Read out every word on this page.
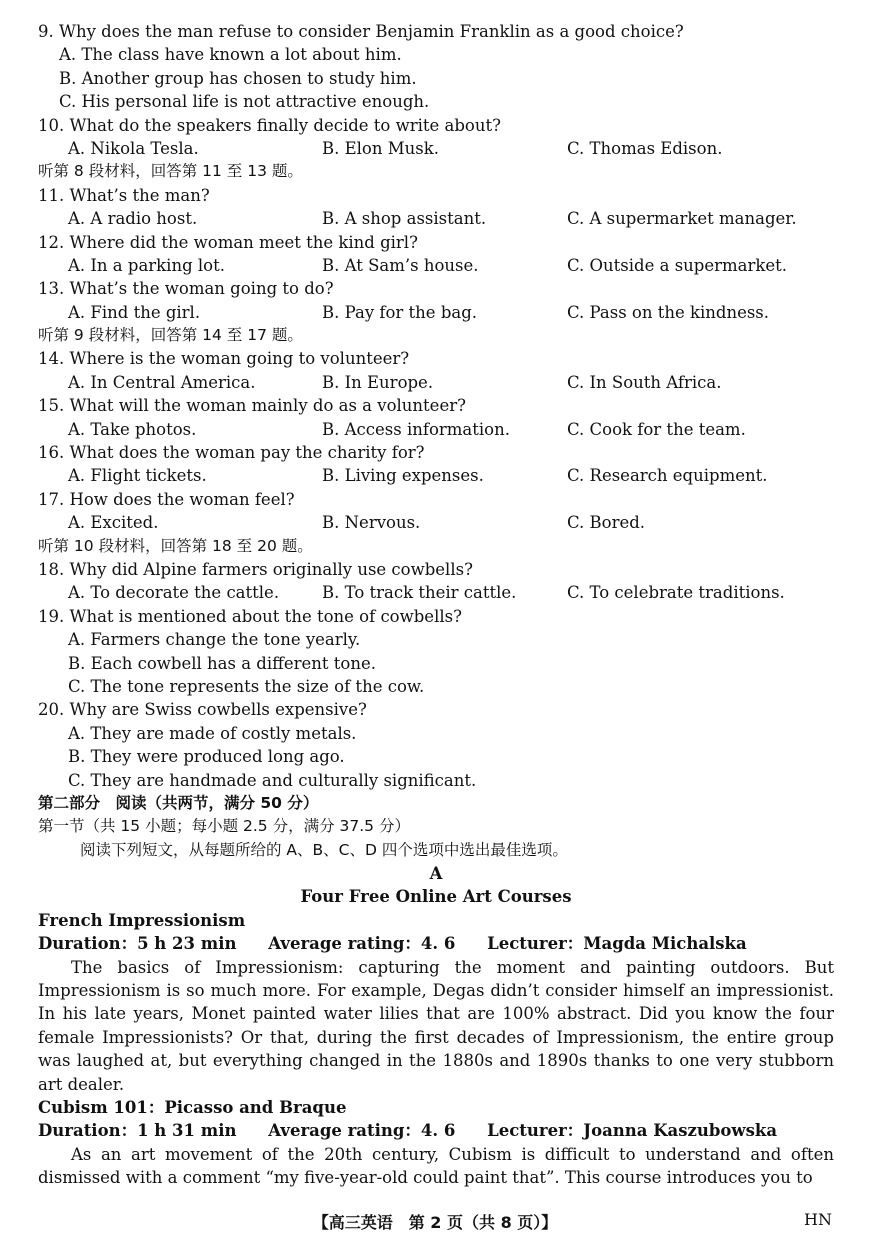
9. Why does the man refuse to consider Benjamin Franklin as a good choice?
A. The class have known a lot about him.
B. Another group has chosen to study him.
C. His personal life is not attractive enough.
10. What do the speakers finally decide to write about?
A. Nikola Tesla.	B. Elon Musk.	C. Thomas Edison.
听第 8 段材料，回答第 11 至 13 题。
11. What’s the man?
A. A radio host.	B. A shop assistant.	C. A supermarket manager.
12. Where did the woman meet the kind girl?
A. In a parking lot.	B. At Sam’s house.	C. Outside a supermarket.
13. What’s the woman going to do?
A. Find the girl.	B. Pay for the bag.	C. Pass on the kindness.
听第 9 段材料，回答第 14 至 17 题。
14. Where is the woman going to volunteer?
A. In Central America.	B. In Europe.	C. In South Africa.
15. What will the woman mainly do as a volunteer?
A. Take photos.	B. Access information.	C. Cook for the team.
16. What does the woman pay the charity for?
A. Flight tickets.	B. Living expenses.	C. Research equipment.
17. How does the woman feel?
A. Excited.	B. Nervous.	C. Bored.
听第 10 段材料，回答第 18 至 20 题。
18. Why did Alpine farmers originally use cowbells?
A. To decorate the cattle.	B. To track their cattle.	C. To celebrate traditions.
19. What is mentioned about the tone of cowbells?
A. Farmers change the tone yearly.
B. Each cowbell has a different tone.
C. The tone represents the size of the cow.
20. Why are Swiss cowbells expensive?
A. They are made of costly metals.
B. They were produced long ago.
C. They are handmade and culturally significant.
第二部分　阅读（共两节，满分 50 分）
第一节（共 15 小题；每小题 2.5 分，满分 37.5 分）
阅读下列短文，从每题所给的 A、B、C、D 四个选项中选出最佳选项。
A
Four Free Online Art Courses
French Impressionism
Duration：5 h 23 min Average rating：4. 6 Lecturer：Magda Michalska

The basics of Impressionism: capturing the moment and painting outdoors. But Impressionism is so much more. For example, Degas didn’t consider himself an impressionist. In his late years, Monet painted water lilies that are 100% abstract. Did you know the four female Impressionists? Or that, during the first decades of Impressionism, the entire group was laughed at, but everything changed in the 1880s and 1890s thanks to one very stubborn art dealer.

Cubism 101：Picasso and Braque
Duration：1 h 31 min Average rating：4. 6 Lecturer：Joanna Kaszubowska

As an art movement of the 20th century, Cubism is difficult to understand and often dismissed with a comment “my five-year-old could paint that”. This course introduces you to

【高三英语　第 2 页（共 8 页）】	HN
